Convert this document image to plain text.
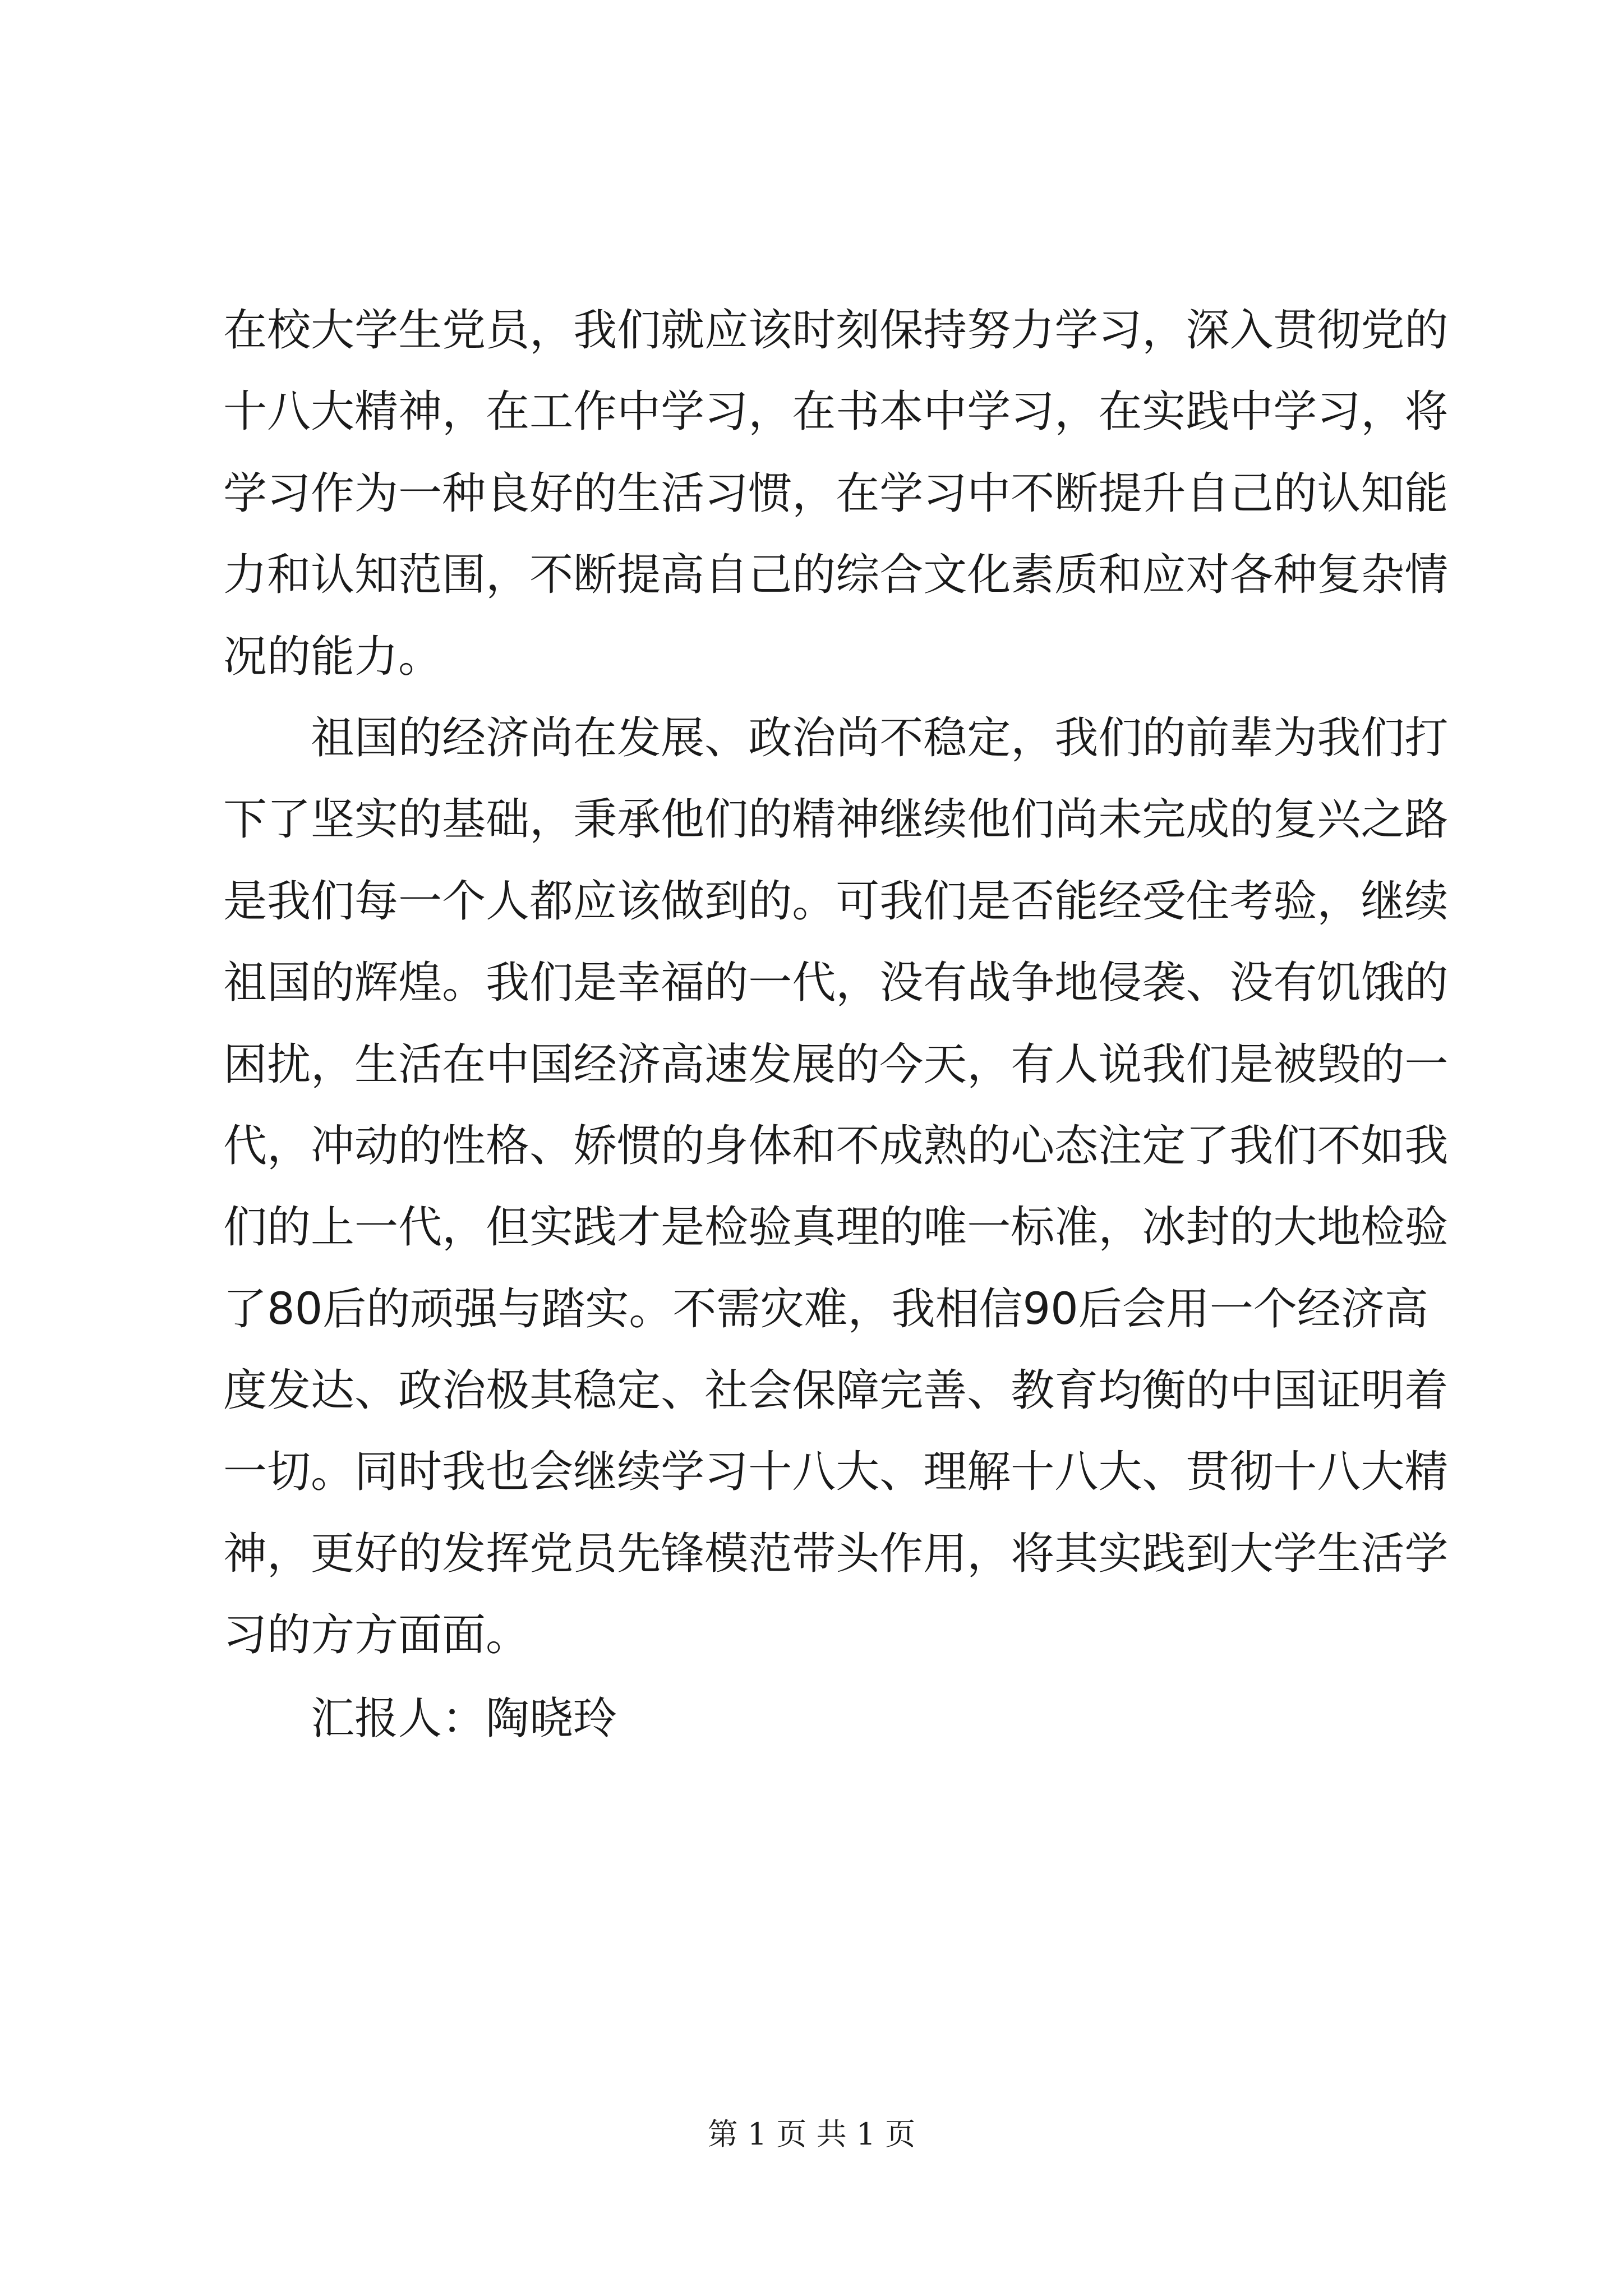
在 校 大 学 生 党 员 ， 我 们 就 应 该 时 刻 保 持 努 力 学 习 ， 深 入 贯 彻 党 的
十 八 大 精 神 ， 在 工 作 中 学 习 ， 在 书 本 中 学 习 ， 在 实 践 中 学 习 ， 将
学 习 作 为 一 种 良 好 的 生 活 习 惯 ， 在 学 习 中 不 断 提 升 自 己 的 认 知 能
力 和 认 知 范 围 ， 不 断 提 高 自 己 的 综 合 文 化 素 质 和 应 对 各 种 复 杂 情
况的能力。

祖 国 的 经 济 尚 在 发 展 、 政 治 尚 不 稳 定 ， 我 们 的 前 辈 为 我 们 打
下 了 坚 实 的 基 础 ， 秉 承 他 们 的 精 神 继 续 他 们 尚 未 完 成 的 复 兴 之 路
是 我 们 每 一 个 人 都 应 该 做 到 的 。 可 我 们 是 否 能 经 受 住 考 验 ， 继 续
祖 国 的 辉 煌 。 我 们 是 幸 福 的 一 代 ， 没 有 战 争 地 侵 袭 、 没 有 饥 饿 的
困 扰 ， 生 活 在 中 国 经 济 高 速 发 展 的 今 天 ， 有 人 说 我 们 是 被 毁 的 一
代 ， 冲 动 的 性 格 、 娇 惯 的 身 体 和 不 成 熟 的 心 态 注 定 了 我 们 不 如 我
们 的 上 一 代 ， 但 实 践 才 是 检 验 真 理 的 唯 一 标 准 ， 冰 封 的 大 地 检 验
了 80 后 的 顽 强 与 踏 实 。 不 需 灾 难 ， 我 相 信 90 后 会 用 一 个 经 济 高
度 发 达 、 政 治 极 其 稳 定 、 社 会 保 障 完 善 、 教 育 均 衡 的 中 国 证 明 着
一 切 。 同 时 我 也 会 继 续 学 习 十 八 大 、 理 解 十 八 大 、 贯 彻 十 八 大 精
神 ， 更 好 的 发 挥 党 员 先 锋 模 范 带 头 作 用 ， 将 其 实 践 到 大 学 生 活 学
习的方方面面。
汇报人：陶晓玲
第 1 页 共 1 页
